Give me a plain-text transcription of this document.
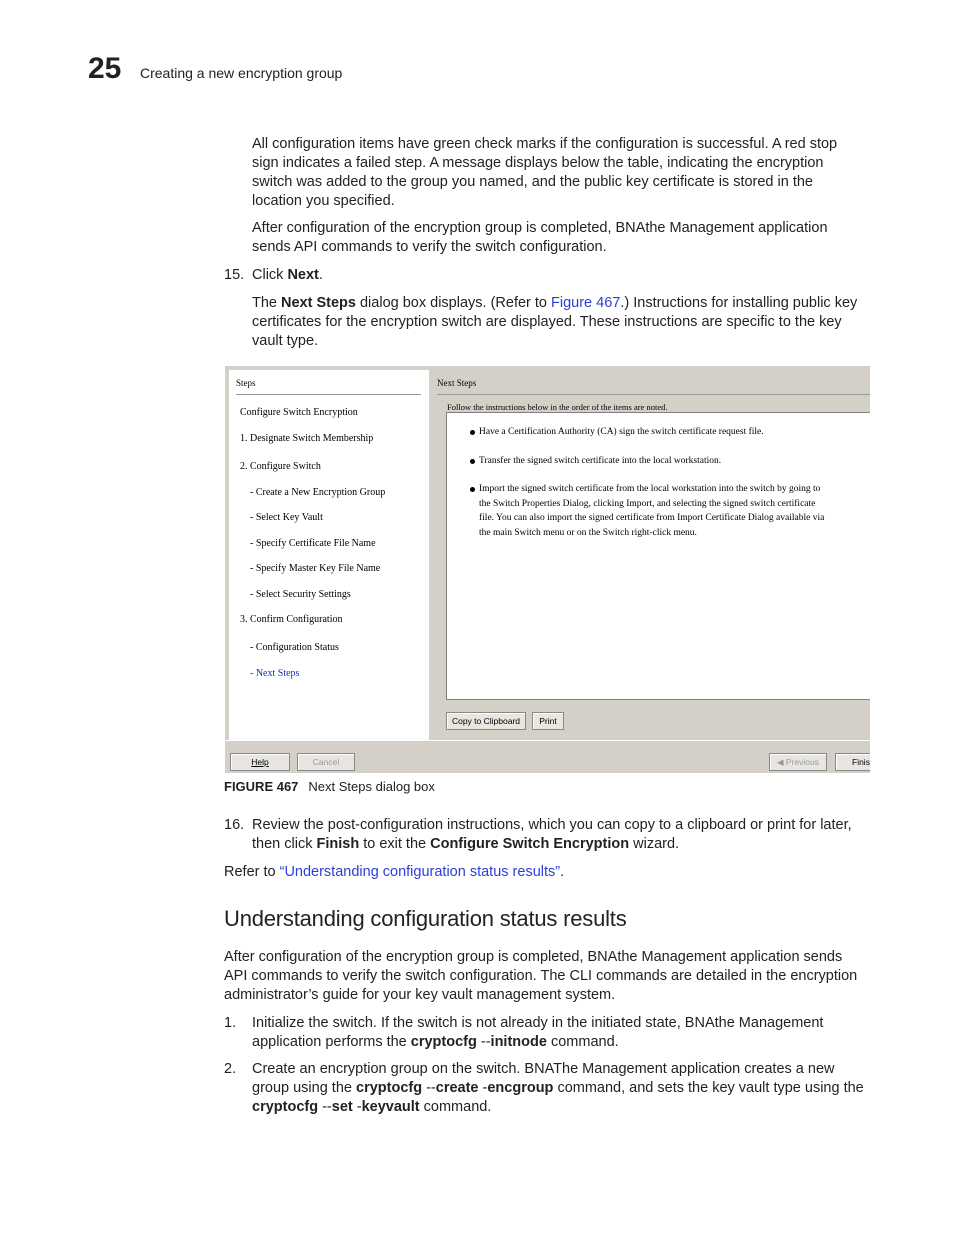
25 Creating a new encryption group
All configuration items have green check marks if the configuration is successful. A red stop
sign indicates a failed step. A message displays below the table, indicating the encryption
switch was added to the group you named, and the public key certificate is stored in the
location you specified.
After configuration of the encryption group is completed, BNAthe Management application
sends API commands to verify the switch configuration.
15. Click Next.
The Next Steps dialog box displays. (Refer to Figure 467.) Instructions for installing public key
certificates for the encryption switch are displayed. These instructions are specific to the key
vault type.
Steps
Configure Switch Encryption
1. Designate Switch Membership
2. Configure Switch
- Create a New Encryption Group
- Select Key Vault
- Specify Certificate File Name
- Specify Master Key File Name
- Select Security Settings
3. Confirm Configuration
- Configuration Status
- Next Steps
Next Steps
Follow the instructions below in the order of the items are noted.
Have a Certification Authority (CA) sign the switch certificate request file.
Transfer the signed switch certificate into the local workstation.
Import the signed switch certificate from the local workstation into the switch by going to
the Switch Properties Dialog, clicking Import, and selecting the signed switch certificate
file. You can also import the signed certificate from Import Certificate Dialog available via
the main Switch menu or on the Switch right-click menu.
Copy to Clipboard	Print
Help	Cancel	◀ Previous	Finis
FIGURE 467 Next Steps dialog box
16. Review the post-configuration instructions, which you can copy to a clipboard or print for later,
then click Finish to exit the Configure Switch Encryption wizard.
Refer to “Understanding configuration status results”.
Understanding configuration status results
After configuration of the encryption group is completed, BNAthe Management application sends
API commands to verify the switch configuration. The CLI commands are detailed in the encryption
administrator’s guide for your key vault management system.
1. Initialize the switch. If the switch is not already in the initiated state, BNAthe Management
application performs the cryptocfg --initnode command.
2. Create an encryption group on the switch. BNAThe Management application creates a new
group using the cryptocfg --create -encgroup command, and sets the key vault type using the
cryptocfg --set -keyvault command.
